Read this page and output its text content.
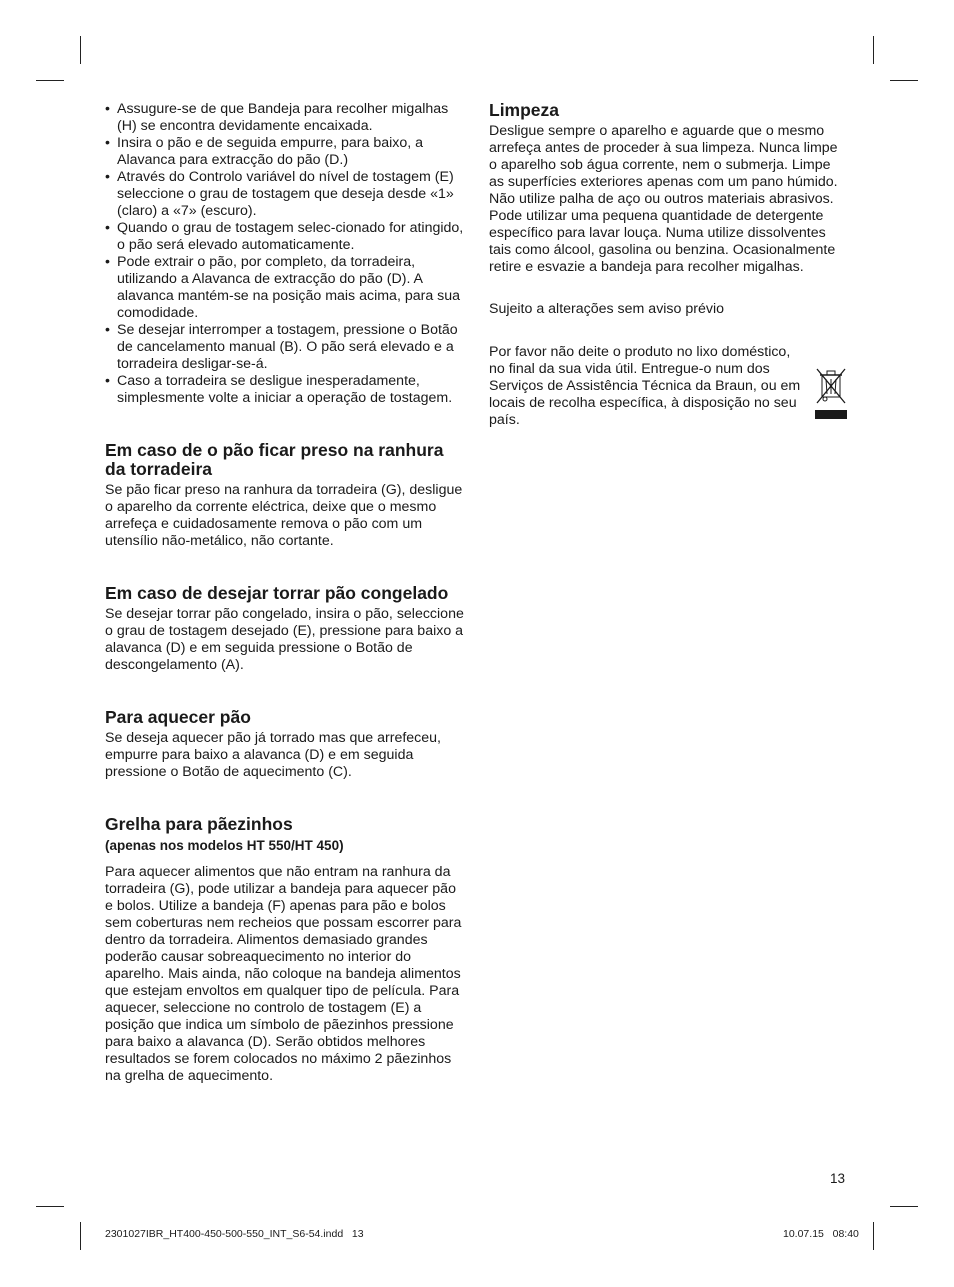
• Assugure-se de que Bandeja para recolher migalhas (H) se encontra devidamente encaixada.
• Insira o pão e de seguida empurre, para baixo, a Alavanca para extracção do pão (D.)
• Através do Controlo variável do nível de tostagem (E) seleccione o grau de tostagem que deseja desde «1» (claro) a «7» (escuro).
• Quando o grau de tostagem selec-cionado for atingido, o pão será elevado automaticamente.
• Pode extrair o pão, por completo, da torradeira, utilizando a Alavanca de extracção do pão (D). A alavanca mantém-se na posição mais acima, para sua comodidade.
• Se desejar interromper a tostagem, pressione o Botão de cancelamento manual (B). O pão será elevado e a torradeira desligar-se-á.
• Caso a torradeira se desligue inesperadamente, simplesmente volte a iniciar a operação de tostagem.
Em caso de o pão ficar preso na ranhura da torradeira

Se pão ficar preso na ranhura da torradeira (G), desligue o aparelho da corrente eléctrica, deixe que o mesmo arrefeça e cuidadosamente remova o pão com um utensílio não-metálico, não cortante.

Em caso de desejar torrar pão congelado

Se desejar torrar pão congelado, insira o pão, seleccione o grau de tostagem desejado (E), pressione para baixo a alavanca (D) e em seguida pressione o Botão de descongelamento (A).

Para aquecer pão

Se deseja aquecer pão já torrado mas que arrefeceu, empurre para baixo a alavanca (D) e em seguida pressione o Botão de aquecimento (C).

Grelha para pãezinhos

(apenas nos modelos HT 550/HT 450)

Para aquecer alimentos que não entram na ranhura da torradeira (G), pode utilizar a bandeja para aquecer pão e bolos. Utilize a bandeja (F) apenas para pão e bolos sem coberturas nem recheios que possam escorrer para dentro da torradeira. Alimentos demasiado grandes poderão causar sobreaquecimento no interior do aparelho. Mais ainda, não coloque na bandeja alimentos que estejam envoltos em qualquer tipo de película. Para aquecer, seleccione no controlo de tostagem (E) a posição que indica um símbolo de pãezinhos pressione para baixo a alavanca (D). Serão obtidos melhores resultados se forem colocados no máximo 2 pãezinhos na grelha de aquecimento.

Limpeza

Desligue sempre o aparelho e aguarde que o mesmo arrefeça antes de proceder à sua limpeza. Nunca limpe o aparelho sob água corrente, nem o submerja. Limpe as superfícies exteriores apenas com um pano húmido. Não utilize palha de aço ou outros materiais abrasivos. Pode utilizar uma pequena quantidade de detergente específico para lavar louça. Numa utilize dissolventes tais como álcool, gasolina ou benzina. Ocasionalmente retire e esvazie a bandeja para recolher migalhas.

Sujeito a alterações sem aviso prévio

Por favor não deite o produto no lixo doméstico, no final da sua vida útil. Entregue-o num dos Serviços de Assistência Técnica da Braun, ou em locais de recolha específica, à disposição no seu país.

13
2301027IBR_HT400-450-500-550_INT_S6-54.indd   13	10.07.15   08:40
